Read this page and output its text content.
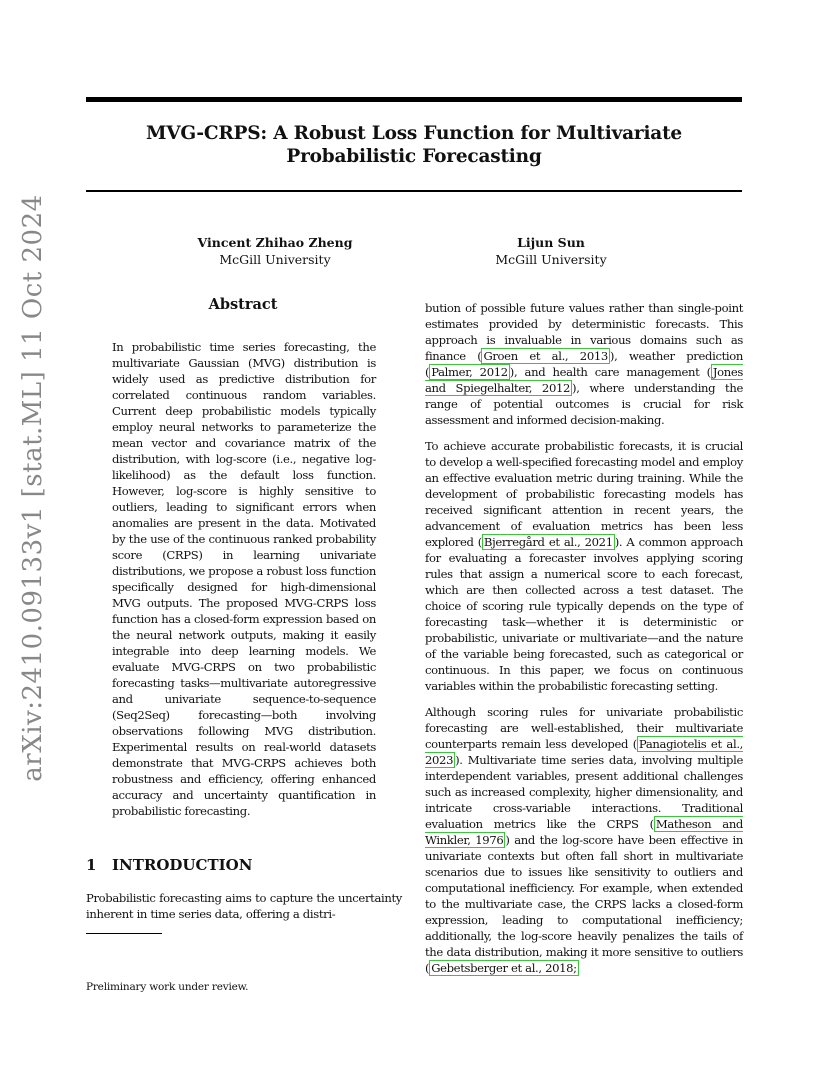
MVG-CRPS: A Robust Loss Function for Multivariate Probabilistic Forecasting
Vincent Zhihao Zheng
McGill University
Lijun Sun
McGill University
arXiv:2410.09133v1 [stat.ML] 11 Oct 2024	Abstract
In probabilistic time series forecasting, the multivariate Gaussian (MVG) distribution is widely used as predictive distribution for correlated continuous random variables. Current deep probabilistic models typically employ neural networks to parameterize the mean vector and covariance matrix of the distribution, with log-score (i.e., negative log-likelihood) as the default loss function. However, log-score is highly sensitive to outliers, leading to significant errors when anomalies are present in the data. Motivated by the use of the continuous ranked probability score (CRPS) in learning univariate distributions, we propose a robust loss function specifically designed for high-dimensional MVG outputs. The proposed MVG-CRPS loss function has a closed-form expression based on the neural network outputs, making it easily integrable into deep learning models. We evaluate MVG-CRPS on two probabilistic forecasting tasks—multivariate autoregressive and univariate sequence-to-sequence (Seq2Seq) forecasting—both involving observations following MVG distribution. Experimental results on real-world datasets demonstrate that MVG-CRPS achieves both robustness and efficiency, offering enhanced accuracy and uncertainty quantification in probabilistic forecasting.
1 INTRODUCTION
Probabilistic forecasting aims to capture the uncertainty inherent in time series data, offering a distri-
Preliminary work under review.

bution of possible future values rather than single-point estimates provided by deterministic forecasts. This approach is invaluable in various domains such as finance ( Groen et al., 2013 ), weather prediction ( Palmer, 2012 ), and health care management ( Jones and Spiegelhalter, 2012 ), where understanding the range of potential outcomes is crucial for risk assessment and informed decision-making.

To achieve accurate probabilistic forecasts, it is crucial to develop a well-specified forecasting model and employ an effective evaluation metric during training. While the development of probabilistic forecasting models has received significant attention in recent years, the advancement of evaluation metrics has been less explored ( Bjerregård et al., 2021 ). A common approach for evaluating a forecaster involves applying scoring rules that assign a numerical score to each forecast, which are then collected across a test dataset. The choice of scoring rule typically depends on the type of forecasting task—whether it is deterministic or probabilistic, univariate or multivariate—and the nature of the variable being forecasted, such as categorical or continuous. In this paper, we focus on continuous variables within the probabilistic forecasting setting.

Although scoring rules for univariate probabilistic forecasting are well-established, their multivariate counterparts remain less developed ( Panagiotelis et al., 2023 ). Multivariate time series data, involving multiple interdependent variables, present additional challenges such as increased complexity, higher dimensionality, and intricate cross-variable interactions. Traditional evaluation metrics like the CRPS ( Matheson and Winkler, 1976 ) and the log-score have been effective in univariate contexts but often fall short in multivariate scenarios due to issues like sensitivity to outliers and computational inefficiency. For example, when extended to the multivariate case, the CRPS lacks a closed-form expression, leading to computational inefficiency; additionally, the log-score heavily penalizes the tails of the data distribution, making it more sensitive to outliers ( Gebetsberger et al., 2018;
